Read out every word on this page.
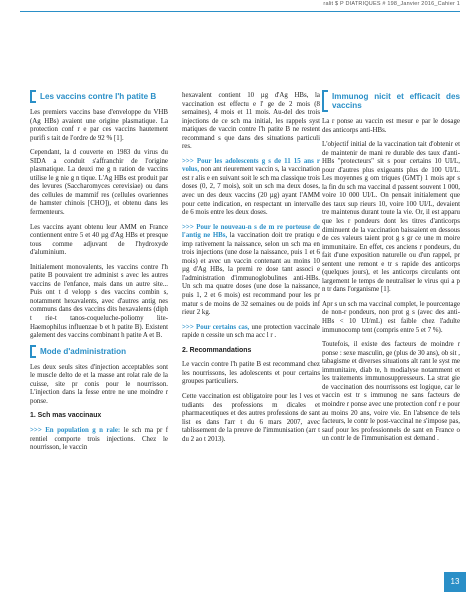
ralit $ P DIATRIQUES # 198_Janvier 2016_Cahier 1
Les vaccins contre l'h patite B

Les premiers vaccins base d'enveloppe du VHB (Ag HBs) avaient une origine plasmatique. La protection conf r e par ces vaccins hautement purifi s tait de l'ordre de 92 % [1].

Cependant, la d couverte en 1983 du virus du SIDA a conduit s'affranchir de l'origine plasmatique. La deuxi me g n ration de vaccins utilise le g nie g n tique. L'Ag HBs est produit par des levures (Saccharomyces cerevisiae) ou dans des cellules de mammif res (cellules ovariennes de hamster chinois [CHO]), et obtenu dans les fermenteurs.

Les vaccins ayant obtenu leur AMM en France contiennent entre 5 et 40 µg d'Ag HBs et presque tous comme adjuvant de l'hydroxyde d'aluminium.

Initialement monovalents, les vaccins contre l'h patite B pouvaient tre administ s avec les autres vaccins de l'enfance, mais dans un autre site... Puis ont t d velopp s des vaccins combin s, notamment hexavalents, avec d'autres antig nes communs dans des vaccins dits hexavalents (diph t rie-t tanos-coqueluche-poliomy lite-Haemophilus influenzae b et h patite B). Existent galement des vaccins combinant h patite A et B.

Mode d'administration

Les deux seuls sites d'injection acceptables sont le muscle delto de et la masse ant rolat rale de la cuisse, site pr conis pour le nourrisson. L'injection dans la fesse entre ne une moindre r ponse.

1. Sch mas vaccinaux

>>> En population g n rale: le sch ma pr f rentiel comporte trois injections. Chez le nourrisson, le vaccin

hexavalent contient 10 µg d'Ag HBs, la vaccination est effectu e l' ge de 2 mois (8 semaines), 4 mois et 11 mois. Au-del des trois injections de ce sch ma initial, les rappels syst matiques de vaccin contre l'h patite B ne restent recommand s que dans des situations particuli res.

>>> Pour les adolescents g s de 11 15 ans r volus, non ant rieurement vaccin s, la vaccination est r alis e en suivant soit le sch ma classique trois doses (0, 2, 7 mois), soit un sch ma deux doses, avec un des deux vaccins (20 µg) ayant l'AMM pour cette indication, en respectant un intervalle de 6 mois entre les deux doses.

>>> Pour le nouveau-n s de m re porteuse de l'antig ne HBs, la vaccination doit tre pratiqu e imp rativement la naissance, selon un sch ma en trois injections (une dose la naissance, puis 1 et 6 mois) et avec un vaccin contenant au moins 10 µg d'Ag HBs, la premi re dose tant associ e l'administration d'immunoglobulines anti-HBs. Un sch ma quatre doses (une dose la naissance, puis 1, 2 et 6 mois) est recommand pour les pr matur s de moins de 32 semaines ou de poids inf rieur 2 kg.

>>> Pour certains cas, une protection vaccinale rapide n cessite un sch ma acc l r .

2. Recommandations

Le vaccin contre l'h patite B est recommand chez les nourrissons, les adolescents et pour certains groupes particuliers.

Cette vaccination est obligatoire pour les l ves et tudiants des professions m dicales et pharmaceutiques et des autres professions de sant list es dans l'arr t du 6 mars 2007, avec tablissement de la preuve de l'immunisation (arr t du 2 ao t 2013).

Immunog nicit et efficacit des vaccins

La r ponse au vaccin est mesur e par le dosage des anticorps anti-HBs.

L'objectif initial de la vaccination tait d'obtenir et de maintenir de mani re durable des taux d'anti-HBs "protecteurs" sit s pour certains 10 UI/L, pour d'autres plus exigeants plus de 100 UI/L. Les moyennes g om triques (GMT) 1 mois apr s la fin du sch ma vaccinal d passent souvent 1 000, voire 10 000 UI/L. On pensait initialement que des taux sup rieurs 10, voire 100 UI/L, devaient tre maintenus durant toute la vie. Or, il est apparu que les r pondeurs dont les titres d'anticorps diminuent de la vaccination baissaient en dessous de ces valeurs taient prot g s gr ce une m moire immunitaire. En effet, ces anciens r pondeurs, du fait d'une exposition naturelle ou d'un rappel, pr sentent une remont e tr s rapide des anticorps (quelques jours), et les anticorps circulants ont largement le temps de neutraliser le virus qui a p n tr dans l'organisme [1].

Apr s un sch ma vaccinal complet, le pourcentage de non-r pondeurs, non prot g s (avec des anti-HBs < 10 UI/mL) est faible chez l'adulte immunocomp tent (compris entre 5 et 7 %).

Toutefois, il existe des facteurs de moindre r ponse : sexe masculin, ge (plus de 30 ans), ob sit , tabagisme et diverses situations alt rant le syst me immunitaire, diab te, h modialyse notamment et les traitements immunosuppresseurs. La strat gie de vaccination des nourrissons est logique, car le vaccin est tr s immunog ne sans facteurs de moindre r ponse avec une protection conf r e pour au moins 20 ans, voire vie. En l'absence de tels facteurs, le contr le post-vaccinal ne s'impose pas, sauf pour les professionnels de sant en France o un contr le de l'immunisation est demand .

13
